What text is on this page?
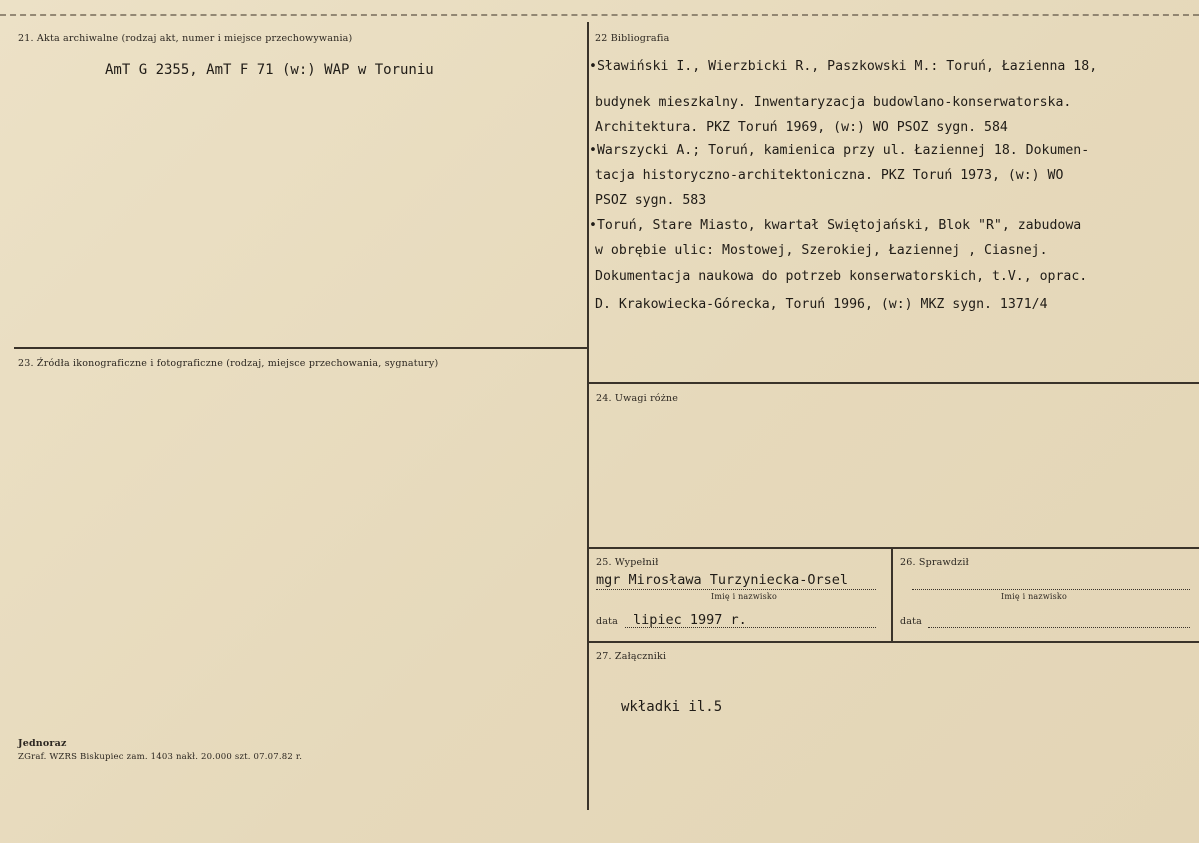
21. Akta archiwalne (rodzaj akt, numer i miejsce przechowywania)
AmT G 2355, AmT F 71 (w:) WAP w Toruniu
22 Bibliografia
•Sławiński I., Wierzbicki R., Paszkowski M.: Toruń, Łazienna 18,
budynek mieszkalny. Inwentaryzacja budowlano-konserwatorska.
Architektura. PKZ Toruń 1969, (w:) WO PSOZ sygn. 584
•Warszycki A.; Toruń, kamienica przy ul. Łaziennej 18. Dokumen-
tacja historyczno-architektoniczna. PKZ Toruń 1973, (w:) WO
PSOZ sygn. 583
•Toruń, Stare Miasto, kwartał Swiętojański, Blok "R", zabudowa
w obrębie ulic: Mostowej, Szerokiej, Łaziennej , Ciasnej.
Dokumentacja naukowa do potrzeb konserwatorskich, t.V., oprac.
D. Krakowiecka-Górecka, Toruń 1996, (w:) MKZ sygn. 1371/4
23. Źródła ikonograficzne i fotograficzne (rodzaj, miejsce przechowania, sygnatury)
24. Uwagi różne
25. Wypełnił
mgr Mirosława Turzyniecka-Orsel
Imię i nazwisko
data lipiec 1997 r.
26. Sprawdził
Imię i nazwisko
data
27. Załączniki
wkładki il.5
Jednoraz
ZGraf. WZRS Biskupiec zam. 1403 nakł. 20.000 szt. 07.07.82 r.
